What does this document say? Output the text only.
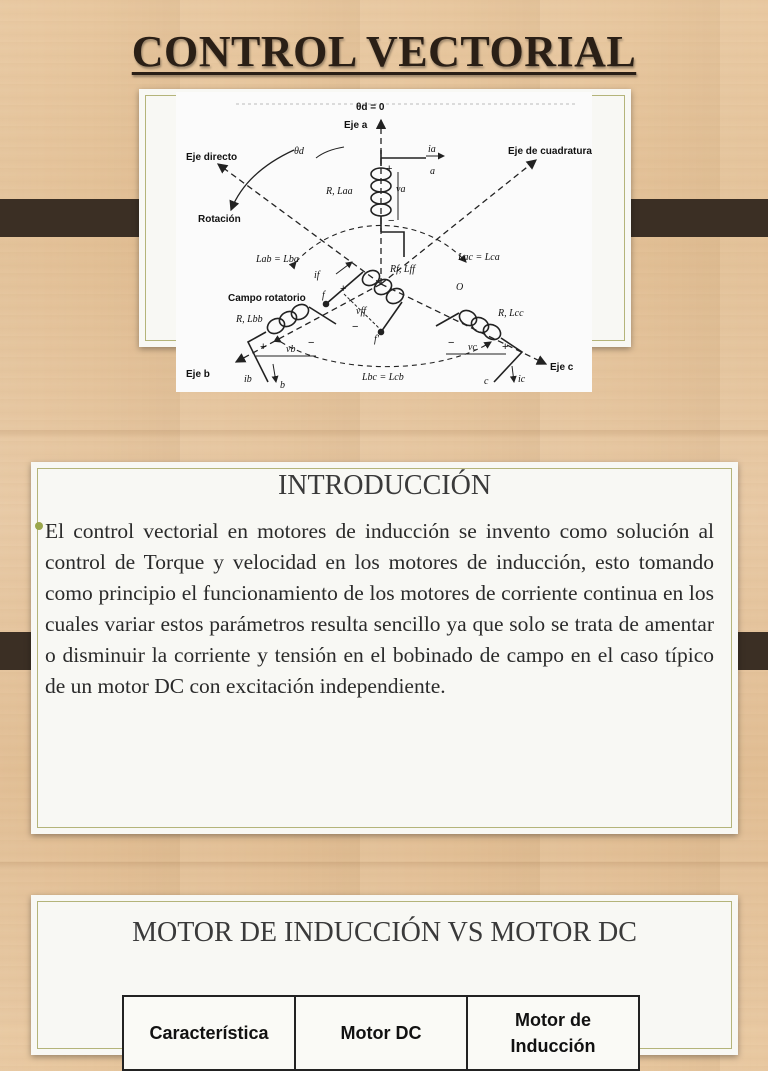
CONTROL VECTORIAL
θd = 0
Eje a
Eje directo
Eje de cuadratura
Rotación
Campo rotatorio
Eje b
Eje c
θd	ia
a
R, Laa	va
Lab = Lba	Lac = Lca
Rf, Lff
if
f
vff
f'
O
R, Lbb
R, Lcc
vb	vc
ib	ic
b	c
Lbc = Lcb
+
−
+
−
+	−	+
−
INTRODUCCIÓN
El control vectorial en motores de inducción se invento como solución al control de Torque y velocidad en los motores de inducción, esto tomando como principio el funcionamiento de los motores de corriente continua en los cuales variar estos parámetros resulta sencillo ya que solo se trata de amentar o disminuir la corriente y tensión en el bobinado de campo en el caso típico de un motor DC con excitación independiente.
MOTOR DE INDUCCIÓN VS MOTOR DC
Característica	Motor DC	Motor de Inducción
